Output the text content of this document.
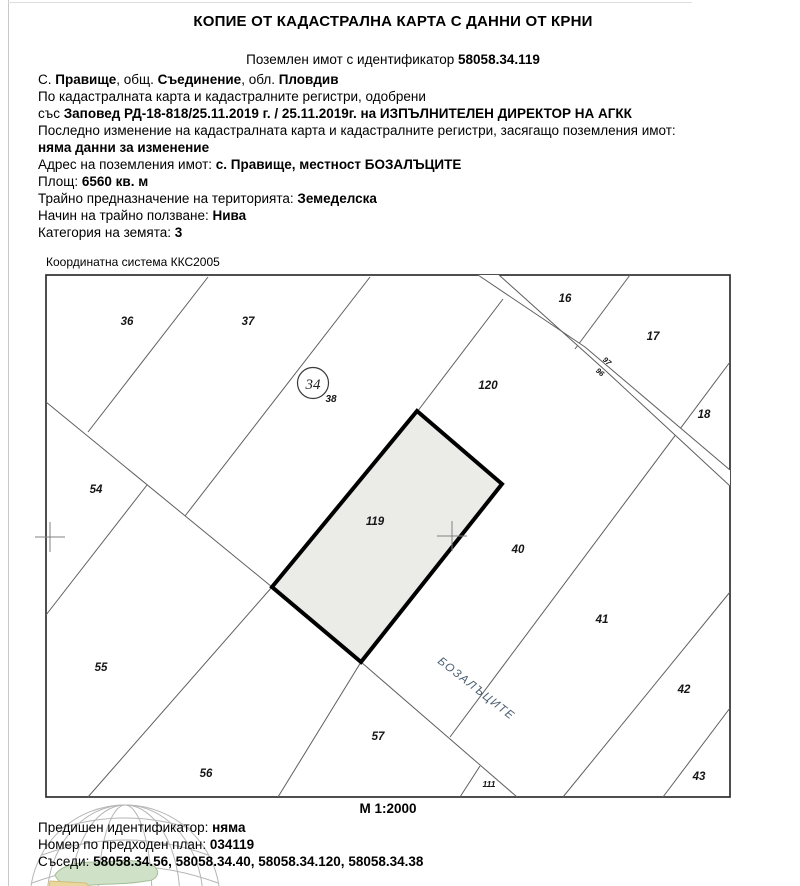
КОПИЕ ОТ КАДАСТРАЛНА КАРТА С ДАННИ ОТ КРНИ
Поземлен имот с идентификатор 58058.34.119
С. Правище, общ. Съединение, обл. Пловдив
По кадастралната карта и кадастралните регистри, одобрени
със Заповед РД-18-818/25.11.2019 г. / 25.11.2019г. на ИЗПЪЛНИТЕЛЕН ДИРЕКТОР НА АГКК
Последно изменение на кадастралната карта и кадастралните регистри, засягащо поземления имот:
няма данни за изменение
Адрес на поземления имот: с. Правище, местност БОЗАЛЪЦИТЕ
Площ: 6560 кв. м
Трайно предназначение на територията: Земеделска
Начин на трайно ползване: Нива
Категория на земята: 3
Координатна система ККС2005
34
БОЗАЛЪЦИТЕ
36	37
16
17
18
120
38
54
55
56
57
40
41
42
43
111
119
97
96
М 1:2000
Предишен идентификатор: няма
Номер по предходен план: 034119
Съседи: 58058.34.56, 58058.34.40, 58058.34.120, 58058.34.38
